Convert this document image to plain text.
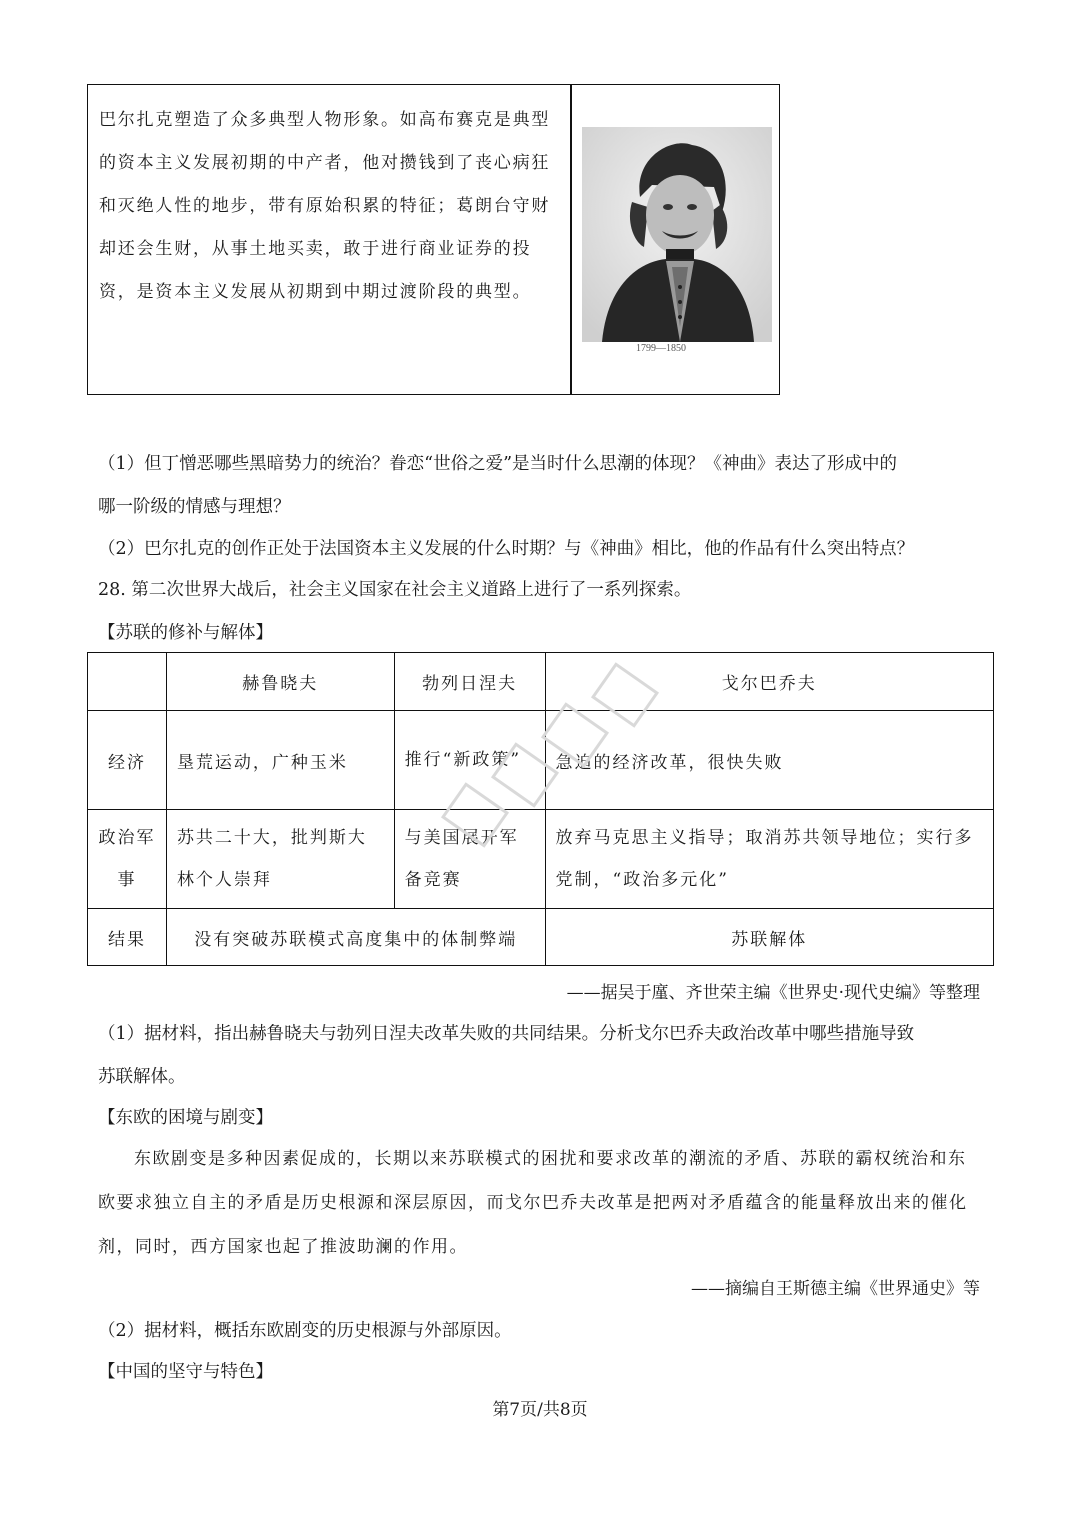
巴尔扎克塑造了众多典型人物形象。如高布赛克是典型的资本主义发展初期的中产者，他对攒钱到了丧心病狂和灭绝人性的地步，带有原始积累的特征；葛朗台守财却还会生财，从事土地买卖，敢于进行商业证券的投资，是资本主义发展从初期到中期过渡阶段的典型。
1799—1850
（1）但丁憎恶哪些黑暗势力的统治？眷恋“世俗之爱”是当时什么思潮的体现？《神曲》表达了形成中的
哪一阶级的情感与理想？
（2）巴尔扎克的创作正处于法国资本主义发展的什么时期？与《神曲》相比，他的作品有什么突出特点？
28. 第二次世界大战后，社会主义国家在社会主义道路上进行了一系列探索。
【苏联的修补与解体】
	赫鲁晓夫	勃列日涅夫	戈尔巴乔夫
经济	垦荒运动，广种玉米	推行“新政策”	急迫的经济改革，很快失败
政治军事	苏共二十大，批判斯大林个人崇拜	与美国展开军备竞赛	放弃马克思主义指导；取消苏共领导地位；实行多党制，“政治多元化”
结果	没有突破苏联模式高度集中的体制弊端		苏联解体
——据吴于廑、齐世荣主编《世界史·现代史编》等整理
（1）据材料，指出赫鲁晓夫与勃列日涅夫改革失败的共同结果。分析戈尔巴乔夫政治改革中哪些措施导致
苏联解体。
【东欧的困境与剧变】
东欧剧变是多种因素促成的，长期以来苏联模式的困扰和要求改革的潮流的矛盾、苏联的霸权统治和东欧要求独立自主的矛盾是历史根源和深层原因，而戈尔巴乔夫改革是把两对矛盾蕴含的能量释放出来的催化剂，同时，西方国家也起了推波助澜的作用。
——摘编自王斯德主编《世界通史》等
（2）据材料，概括东欧剧变的历史根源与外部原因。
【中国的坚守与特色】
第7页/共8页
